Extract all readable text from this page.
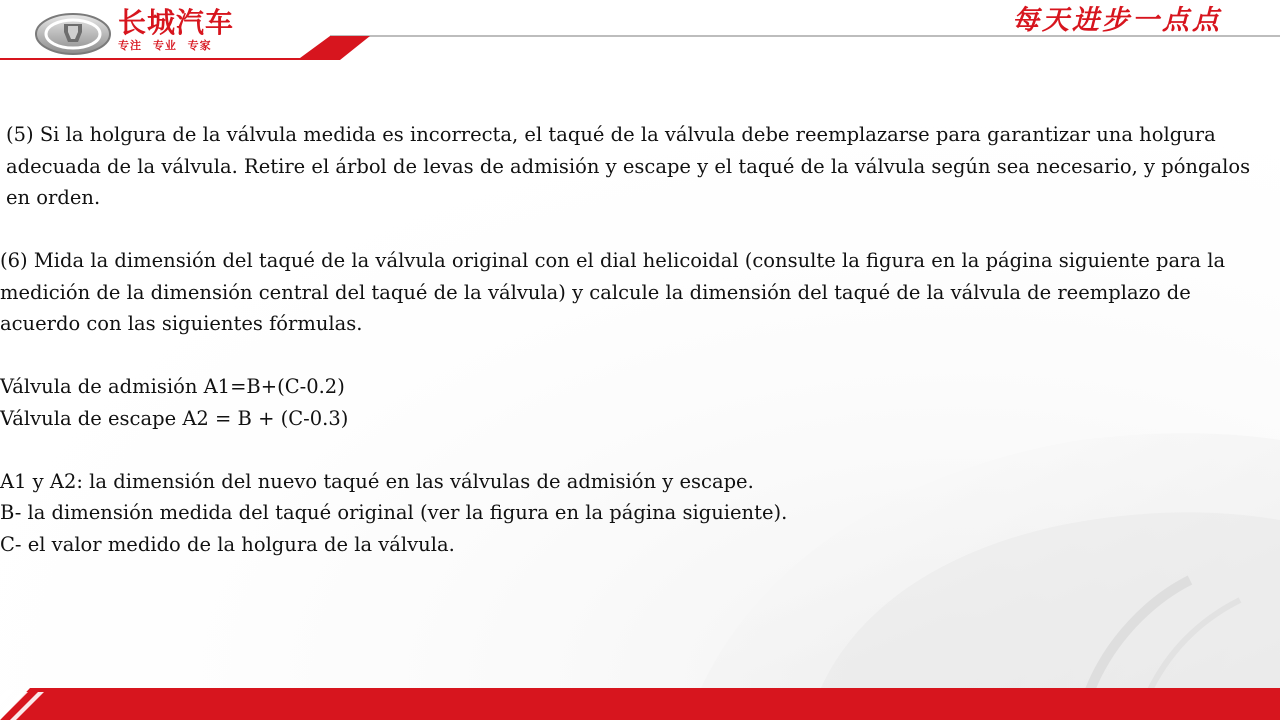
长城汽车
专注 专业 专家
每天进步一点点

(5) Si la holgura de la válvula medida es incorrecta, el taqué de la válvula debe reemplazarse para garantizar una holgura adecuada de la válvula. Retire el árbol de levas de admisión y escape y el taqué de la válvula según sea necesario, y póngalos en orden.

(6) Mida la dimensión del taqué de la válvula original con el dial helicoidal (consulte la figura en la página siguiente para la medición de la dimensión central del taqué de la válvula) y calcule la dimensión del taqué de la válvula de reemplazo de acuerdo con las siguientes fórmulas.

Válvula de admisión A1=B+(C-0.2)

Válvula de escape A2 = B + (C-0.3)

A1 y A2: la dimensión del nuevo taqué en las válvulas de admisión y escape.

B- la dimensión medida del taqué original (ver la figura en la página siguiente).

C- el valor medido de la holgura de la válvula.
